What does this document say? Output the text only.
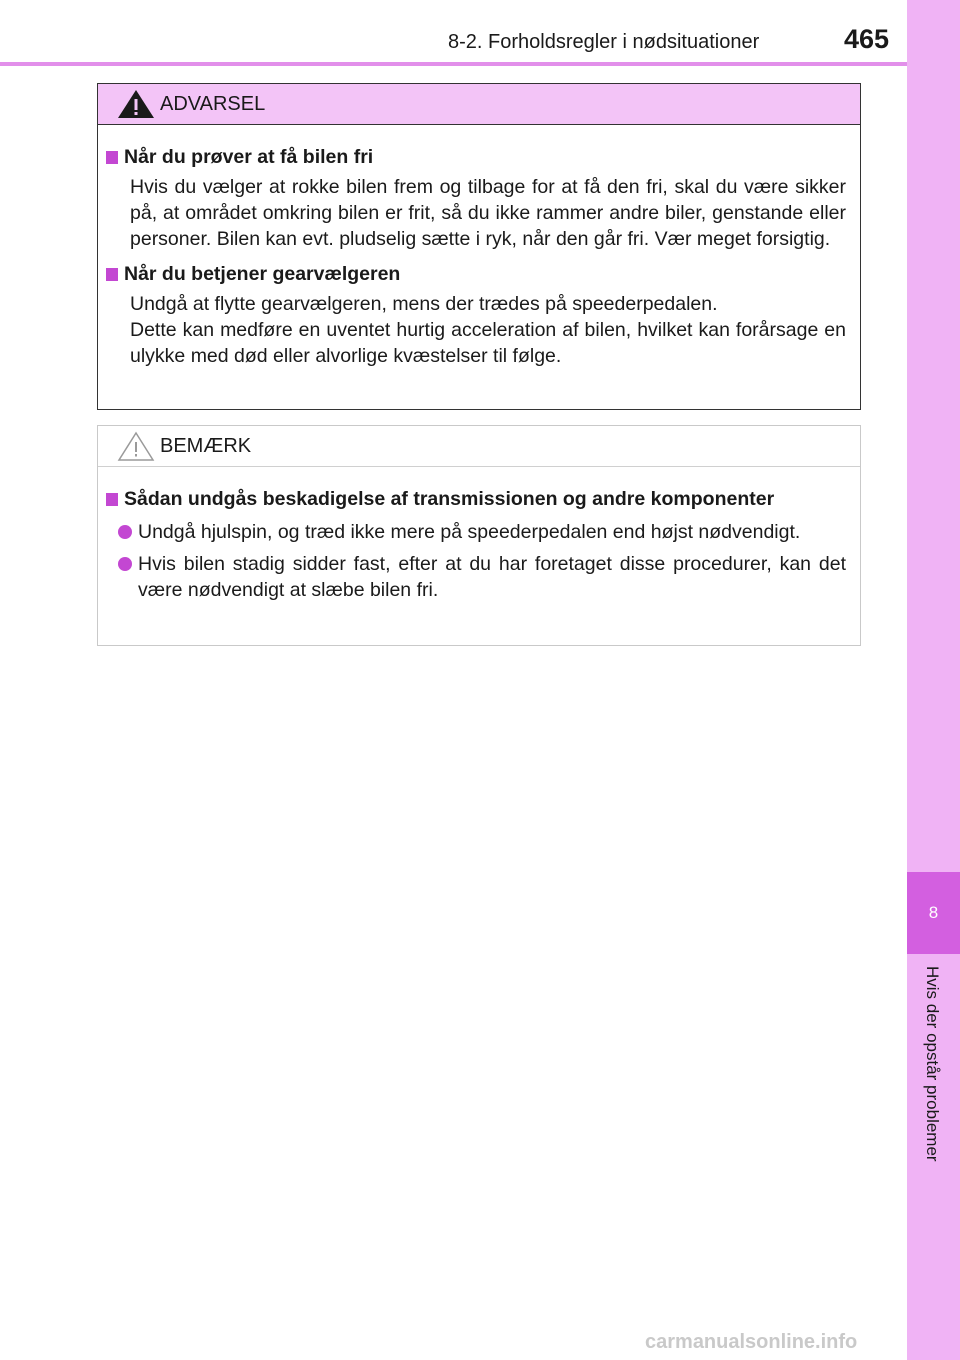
8
Hvis der opstår problemer
8-2. Forholdsregler i nødsituationer	465
ADVARSEL
Når du prøver at få bilen fri
Hvis du vælger at rokke bilen frem og tilbage for at få den fri, skal du være sikker på, at området omkring bilen er frit, så du ikke rammer andre biler, genstande eller personer. Bilen kan evt. pludselig sætte i ryk, når den går fri. Vær meget forsigtig.
Når du betjener gearvælgeren
Undgå at flytte gearvælgeren, mens der trædes på speederpedalen.
Dette kan medføre en uventet hurtig acceleration af bilen, hvilket kan forårsage en ulykke med død eller alvorlige kvæstelser til følge.
BEMÆRK
Sådan undgås beskadigelse af transmissionen og andre komponenter
Undgå hjulspin, og træd ikke mere på speederpedalen end højst nødvendigt.
Hvis bilen stadig sidder fast, efter at du har foretaget disse procedurer, kan det være nødvendigt at slæbe bilen fri.
carmanualsonline.info
